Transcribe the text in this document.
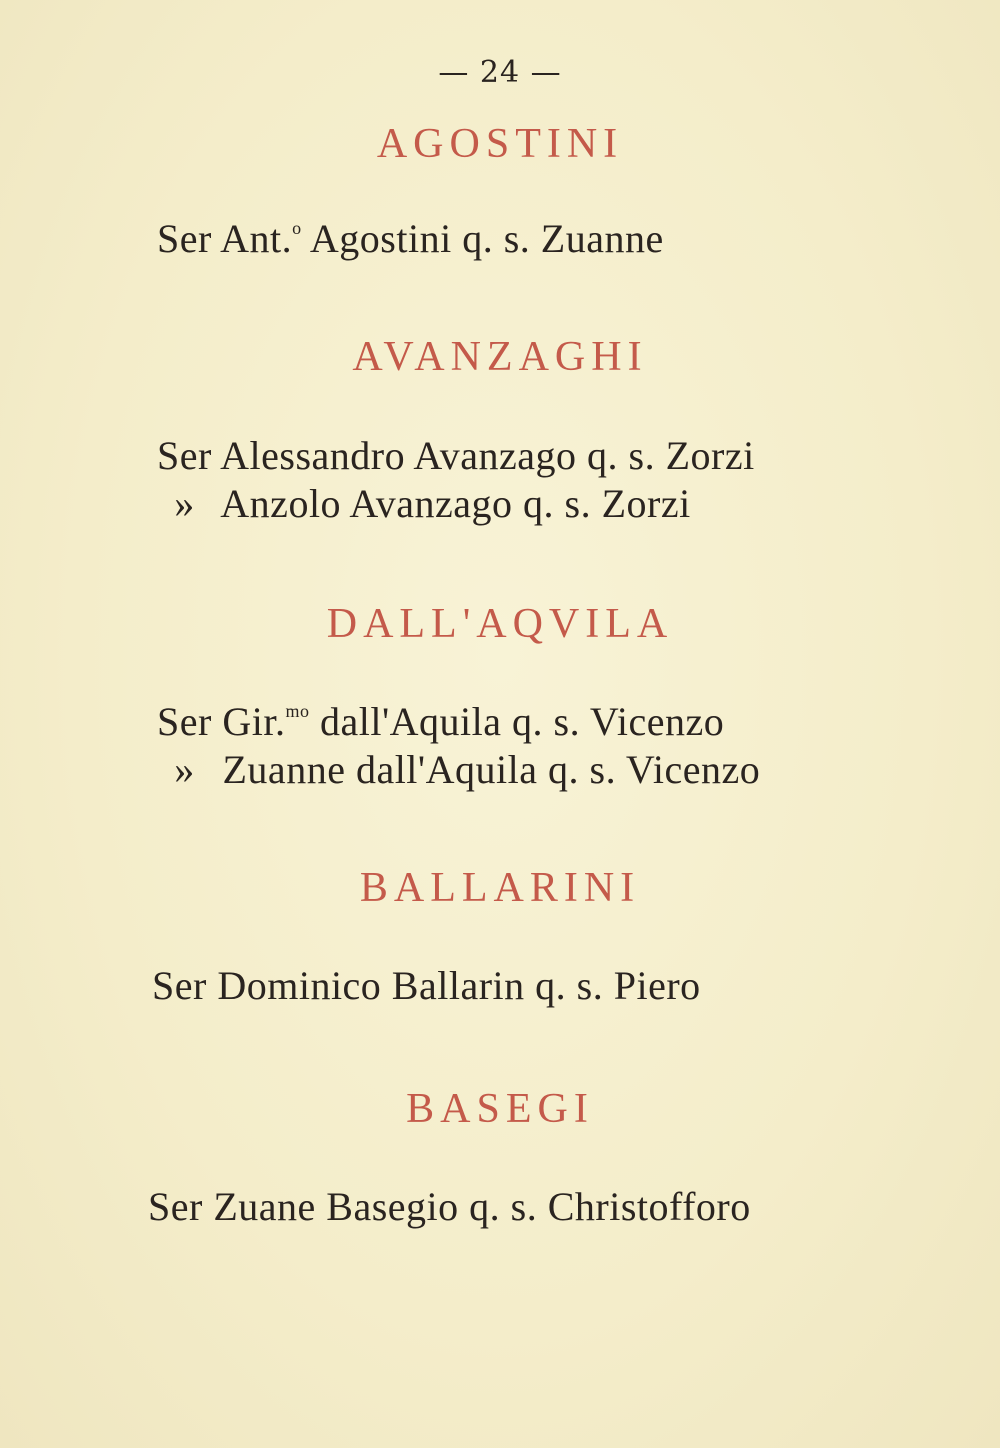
— 24 —
AGOSTINI
Ser Ant.$^o$ Agostini q. s. Zuanne
AVANZAGHI
Ser Alessandro Avanzago q. s. Zorzi
» Anzolo Avanzago q. s. Zorzi
DALL'AQVILA
Ser Gir.$^{mo}$ dall'Aquila q. s. Vicenzo
» Zuanne dall'Aquila q. s. Vicenzo
BALLARINI
Ser Dominico Ballarin q. s. Piero
BASEGI
Ser Zuane Basegio q. s. Christofforo
